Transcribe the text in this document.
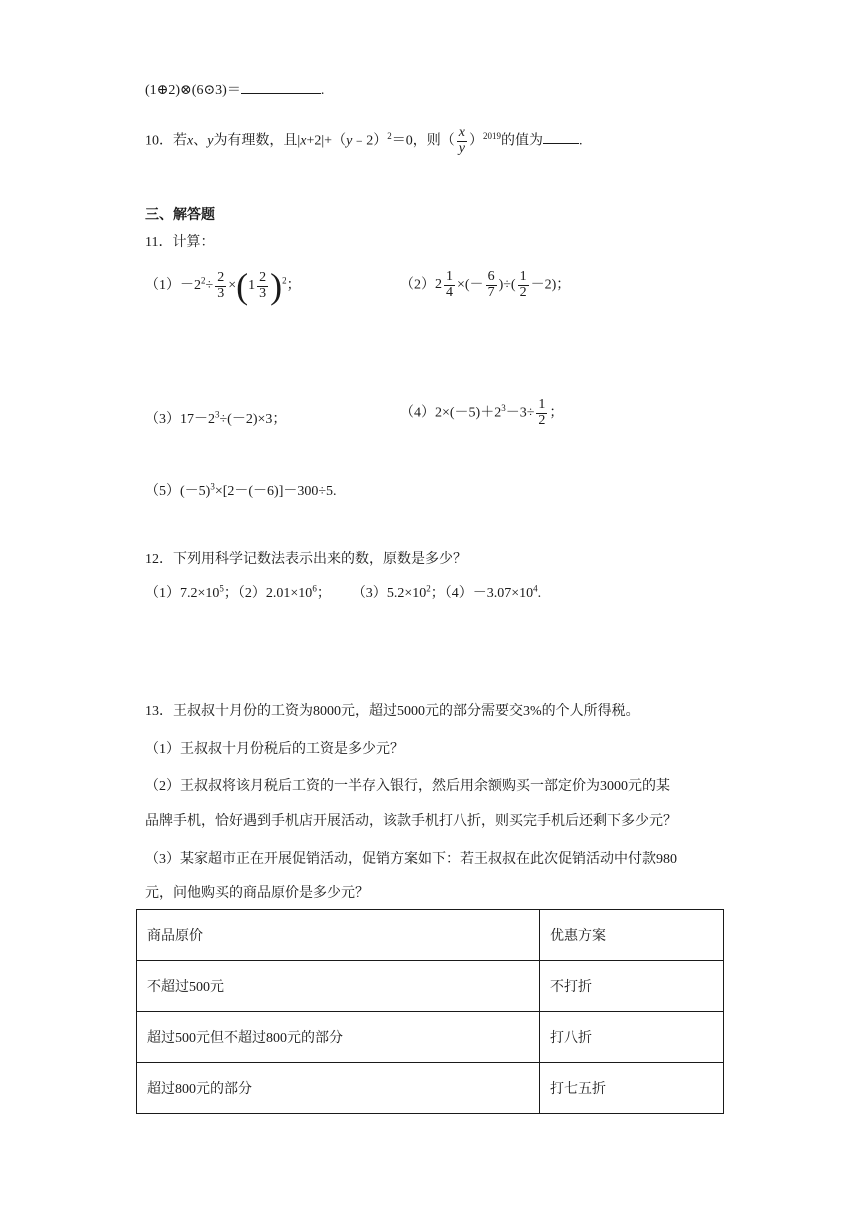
(1⊕2)⊗(6⊙3)＝	.
10．若x、y为有理数，且|x+2|+（y﹣2）$^2$＝0，则（ $\frac{x}{y} )^{2019}$的值为	.
三、解答题
11．计算：
$(1)-2^2\div \frac{2}{3}$ ×( $1 \frac{2}{3} )^2$；	（2） $2 \frac{1}{4}$ ×(－ $\frac{6}{7}$ )÷( $\frac{1}{2} -2$)；
$(3)17-2^3\div(-2)\times 3$；	$(4)2\times(-5)+2^3-3\div \frac{1}{2}$ ；
$(5)(-5)^3\times[2-(-6)]-300\div 5$.
12．下列用科学记数法表示出来的数，原数是多少？
$(1)7.2\times 10^5$；$(2)2.01\times 10^6$； $(3)5.2\times 10^2$；$(4)-3.07\times 10^4$.
13．王叔叔十月份的工资为8000元，超过5000元的部分需要交3%的个人所得税。
（1）王叔叔十月份税后的工资是多少元？
（2）王叔叔将该月税后工资的一半存入银行，然后用余额购买一部定价为3000元的某
品牌手机，恰好遇到手机店开展活动，该款手机打八折，则买完手机后还剩下多少元？
（3）某家超市正在开展促销活动，促销方案如下：若王叔叔在此次促销活动中付款980
元，问他购买的商品原价是多少元？
商品原价	优惠方案
不超过500元	不打折
超过500元但不超过800元的部分	打八折
超过800元的部分	打七五折
